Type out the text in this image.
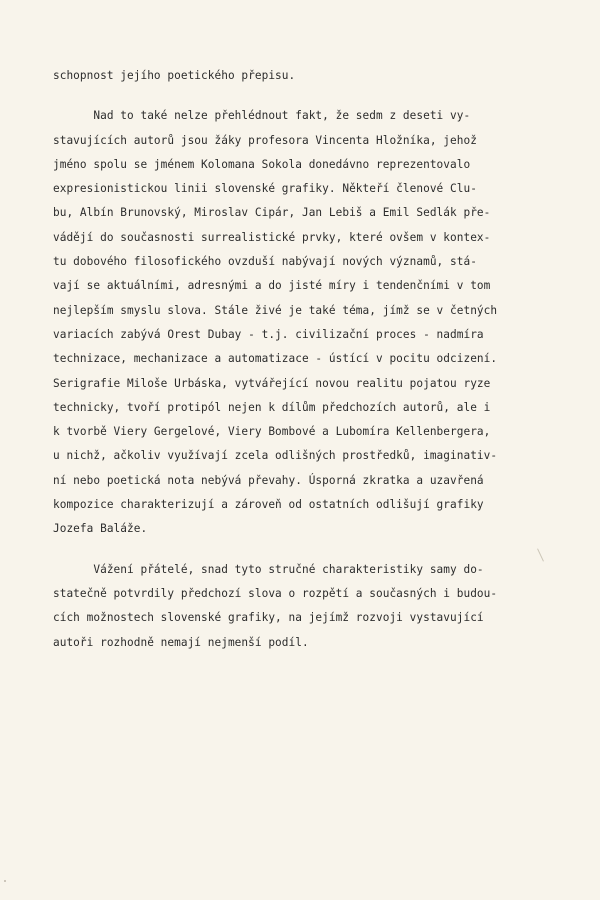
schopnost jejího poetického přepisu.
Nad to také nelze přehlédnout fakt, že sedm z deseti vy-
stavujících autorů jsou žáky profesora Vincenta Hložníka, jehož
jméno spolu se jménem Kolomana Sokola donedávno reprezentovalo
expresionistickou linii slovenské grafiky. Někteří členové Clu-
bu, Albín Brunovský, Miroslav Cipár, Jan Lebiš a Emil Sedlák pře-
vádějí do současnosti surrealistické prvky, které ovšem v kontex-
tu dobového filosofického ovzduší nabývají nových významů, stá-
vají se aktuálními, adresnými a do jisté míry i tendenčními v tom
nejlepším smyslu slova. Stále živé je také téma, jímž se v četných
variacích zabývá Orest Dubay - t.j. civilizační proces - nadmíra
technizace, mechanizace a automatizace - ústící v pocitu odcizení.
Serigrafie Miloše Urbáska, vytvářející novou realitu pojatou ryze
technicky, tvoří protipól nejen k dílům předchozích autorů, ale i
k tvorbě Viery Gergelové, Viery Bombové a Lubomíra Kellenbergera,
u nichž, ačkoliv využívají zcela odlišných prostředků, imaginativ-
ní nebo poetická nota nebývá převahy. Úsporná zkratka a uzavřená
kompozice charakterizují a zároveň od ostatních odlišují grafiky
Jozefa Baláže.
Vážení přátelé, snad tyto stručné charakteristiky samy do-
statečně potvrdily předchozí slova o rozpětí a současných i budou-
cích možnostech slovenské grafiky, na jejímž rozvoji vystavující
autoři rozhodně nemají nejmenší podíl.
